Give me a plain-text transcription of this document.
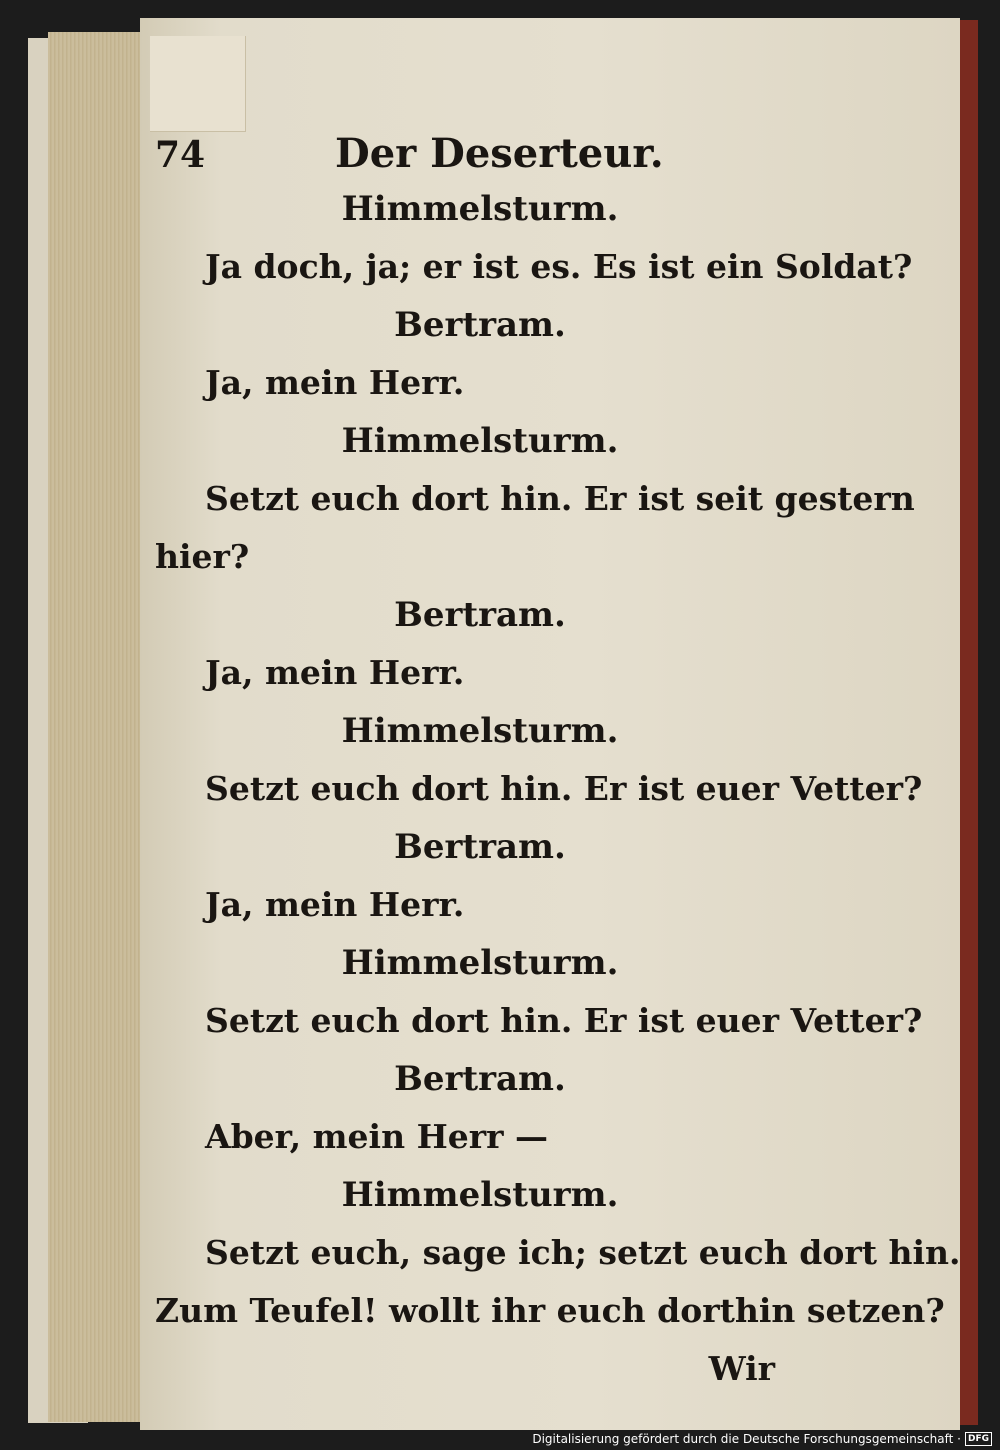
74	Der Deserteur.
Himmelsturm.
Ja doch, ja; er ist es. Es ist ein Soldat?
Bertram.
Ja, mein Herr.
Himmelsturm.
Setzt euch dort hin. Er ist seit gestern
hier?
Bertram.
Ja, mein Herr.
Himmelsturm.
Setzt euch dort hin. Er ist euer Vetter?
Bertram.
Ja, mein Herr.
Himmelsturm.
Setzt euch dort hin. Er ist euer Vetter?
Bertram.
Aber, mein Herr —
Himmelsturm.
Setzt euch, sage ich; setzt euch dort hin.
Zum Teufel! wollt ihr euch dorthin setzen?
Wir
Digitalisierung gefördert durch die Deutsche Forschungsgemeinschaft · DFG
